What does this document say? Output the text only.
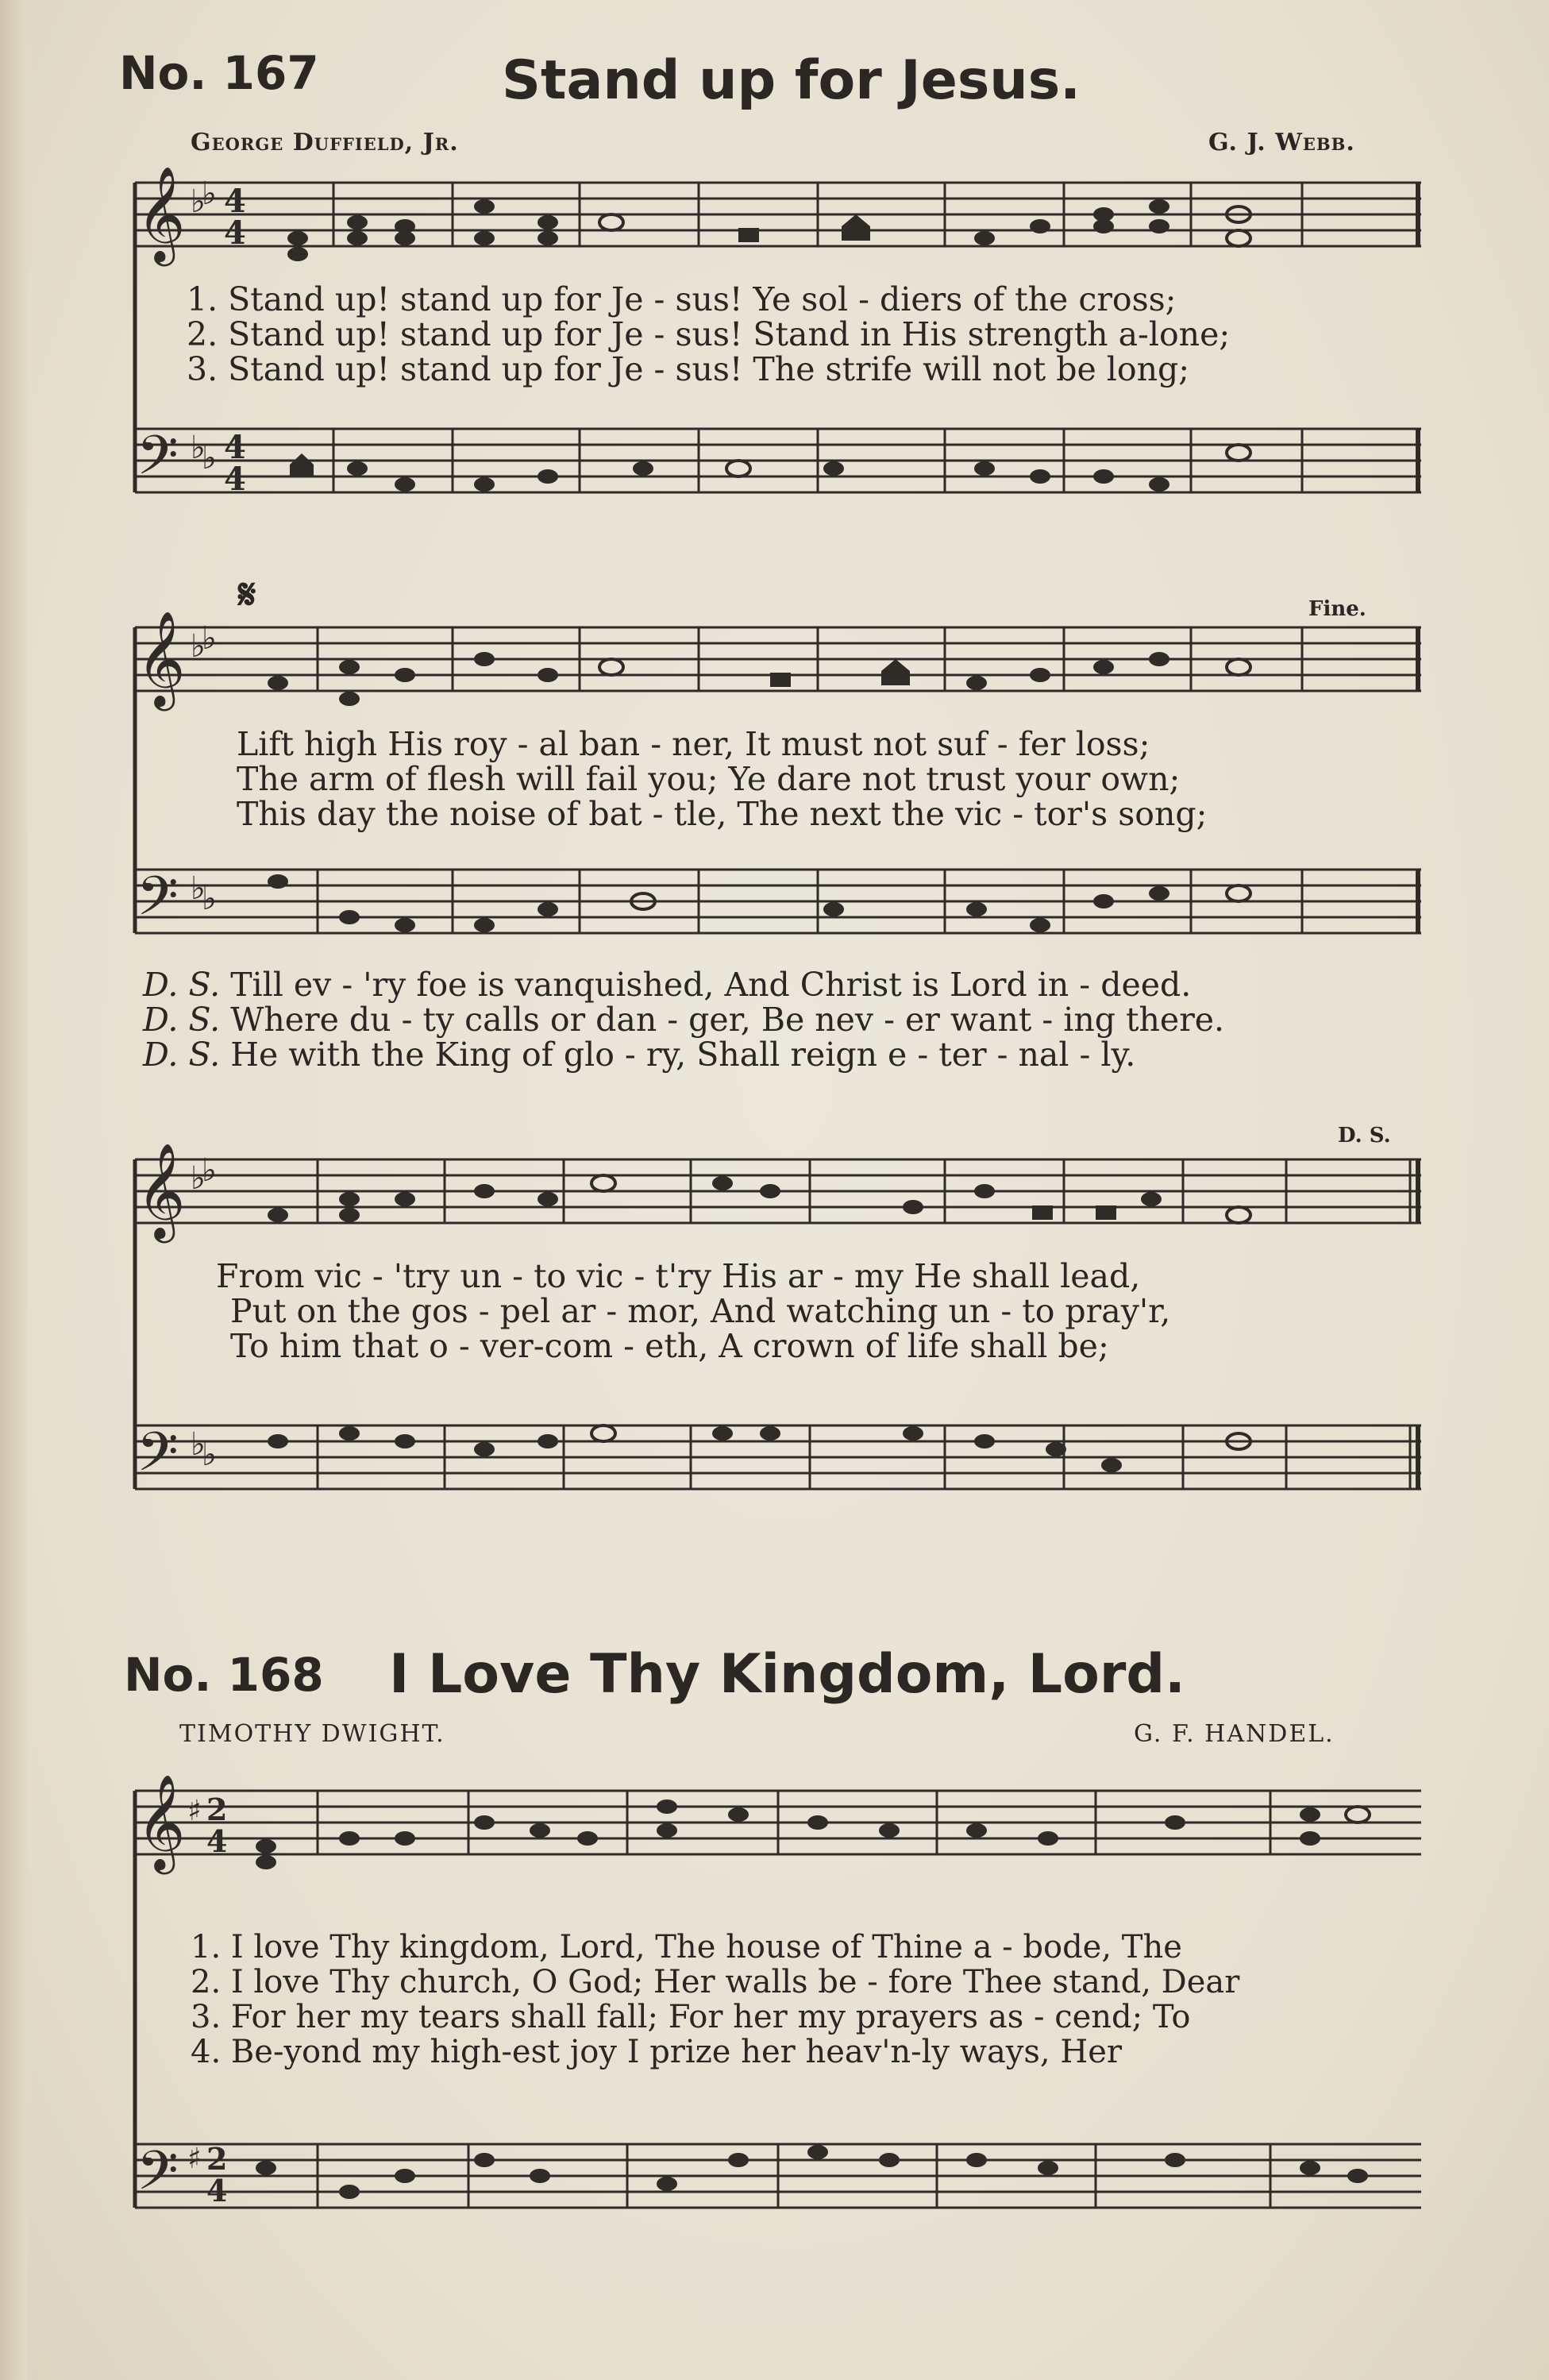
No. 167	Stand up for Jesus.
George Duffield, Jr.	G. J. Webb.
𝄞
𝄢
♭
♭
♭
♭
4
4
4
4
1. Stand up! stand up for Je - sus! Ye sol - diers of the cross;
2. Stand up! stand up for Je - sus! Stand in His strength a-lone;
3. Stand up! stand up for Je - sus! The strife will not be long;
𝄋	Fine.
𝄞
𝄢
♭
♭
♭
♭
Lift high His roy - al ban - ner, It must not suf - fer loss;
The arm of flesh will fail you; Ye dare not trust your own;
This day the noise of bat - tle, The next the vic - tor's song;
D. S. Till ev - 'ry foe is vanquished, And Christ is Lord in - deed.
D. S. Where du - ty calls or dan - ger, Be nev - er want - ing there.
D. S. He with the King of glo - ry, Shall reign e - ter - nal - ly.
D. S.
𝄞
𝄢
♭
♭
♭
♭
From vic - 'try un - to vic - t'ry His ar - my He shall lead,
Put on the gos - pel ar - mor, And watching un - to pray'r,
To him that o - ver-com - eth, A crown of life shall be;
No. 168 I Love Thy Kingdom, Lord.
TIMOTHY DWIGHT.	G. F. HANDEL.
𝄞
𝄢
♯
♯
2
4
2
4
1. I love Thy kingdom, Lord, The house of Thine a - bode, The
2. I love Thy church, O God; Her walls be - fore Thee stand, Dear
3. For her my tears shall fall; For her my prayers as - cend; To
4. Be-yond my high-est joy I prize her heav'n-ly ways, Her
